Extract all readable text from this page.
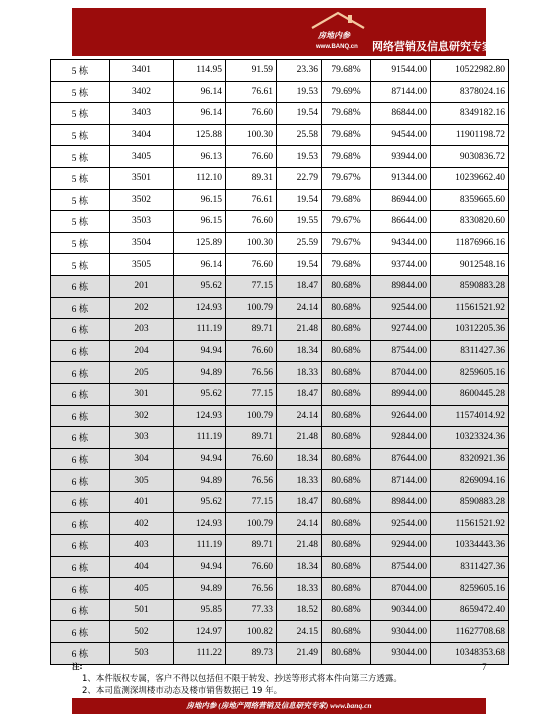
房地内参
www.BANQ.cn 网络营销及信息研究专家
5 栋	3401	114.95	91.59	23.36	79.68%	91544.00	10522982.80
5 栋	3402	96.14	76.61	19.53	79.69%	87144.00	8378024.16
5 栋	3403	96.14	76.60	19.54	79.68%	86844.00	8349182.16
5 栋	3404	125.88	100.30	25.58	79.68%	94544.00	11901198.72
5 栋	3405	96.13	76.60	19.53	79.68%	93944.00	9030836.72
5 栋	3501	112.10	89.31	22.79	79.67%	91344.00	10239662.40
5 栋	3502	96.15	76.61	19.54	79.68%	86944.00	8359665.60
5 栋	3503	96.15	76.60	19.55	79.67%	86644.00	8330820.60
5 栋	3504	125.89	100.30	25.59	79.67%	94344.00	11876966.16
5 栋	3505	96.14	76.60	19.54	79.68%	93744.00	9012548.16
6 栋	201	95.62	77.15	18.47	80.68%	89844.00	8590883.28
6 栋	202	124.93	100.79	24.14	80.68%	92544.00	11561521.92
6 栋	203	111.19	89.71	21.48	80.68%	92744.00	10312205.36
6 栋	204	94.94	76.60	18.34	80.68%	87544.00	8311427.36
6 栋	205	94.89	76.56	18.33	80.68%	87044.00	8259605.16
6 栋	301	95.62	77.15	18.47	80.68%	89944.00	8600445.28
6 栋	302	124.93	100.79	24.14	80.68%	92644.00	11574014.92
6 栋	303	111.19	89.71	21.48	80.68%	92844.00	10323324.36
6 栋	304	94.94	76.60	18.34	80.68%	87644.00	8320921.36
6 栋	305	94.89	76.56	18.33	80.68%	87144.00	8269094.16
6 栋	401	95.62	77.15	18.47	80.68%	89844.00	8590883.28
6 栋	402	124.93	100.79	24.14	80.68%	92544.00	11561521.92
6 栋	403	111.19	89.71	21.48	80.68%	92944.00	10334443.36
6 栋	404	94.94	76.60	18.34	80.68%	87544.00	8311427.36
6 栋	405	94.89	76.56	18.33	80.68%	87044.00	8259605.16
6 栋	501	95.85	77.33	18.52	80.68%	90344.00	8659472.40
6 栋	502	124.97	100.82	24.15	80.68%	93044.00	11627708.68
6 栋	503	111.22	89.73	21.49	80.68%	93044.00	10348353.68
注:
1、本件版权专属，客户不得以包括但不限于转发、抄送等形式将本件向第三方透露。
2、本司监测深圳楼市动态及楼市销售数据已 19 年。
7
房地内参 (房地产网络营销及信息研究专家) www.banq.cn
